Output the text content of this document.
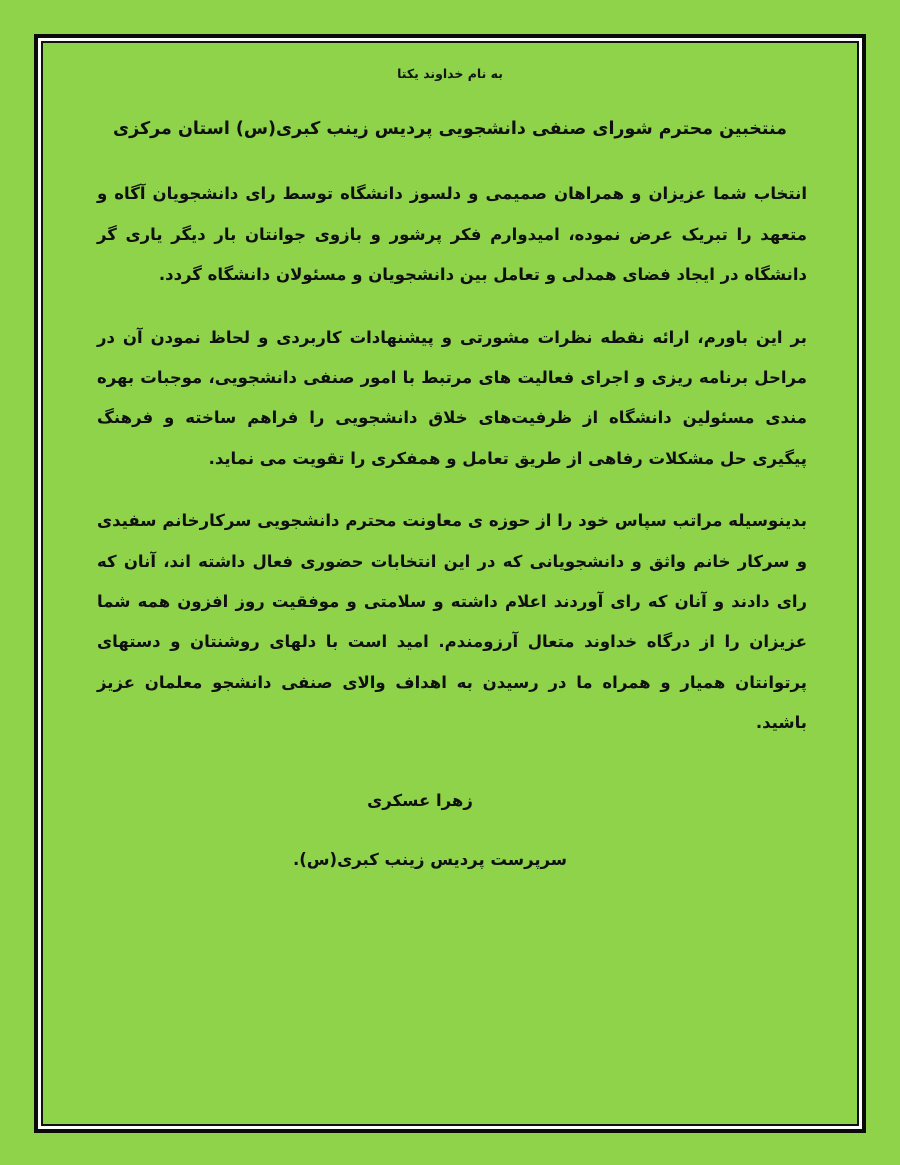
به نام خداوند یکتا
منتخبین محترم شورای صنفی دانشجویی پردیس زینب کبری(س) استان مرکزی

انتخاب شما عزیزان و همراهان صمیمی و دلسوز دانشگاه توسط رای دانشجویان آگاه و متعهد را تبریک عرض نموده، امیدوارم فکر پرشور و بازوی جوانتان بار دیگر یاری گر دانشگاه در ایجاد فضای همدلی و تعامل بین دانشجویان و مسئولان دانشگاه گردد.

بر این باورم، ارائه نقطه نظرات مشورتی و پیشنهادات کاربردی و لحاظ نمودن آن در مراحل برنامه ریزی و اجرای فعالیت های مرتبط با امور صنفی دانشجویی، موجبات بهره مندی مسئولین دانشگاه از ظرفیت‌های خلاق دانشجویی را فراهم ساخته و فرهنگ پیگیری حل مشکلات رفاهی از طریق تعامل و همفکری را تقویت می نماید.

بدینوسیله مراتب سپاس خود را از حوزه ی معاونت محترم دانشجویی سرکارخانم سفیدی و سرکار خانم واثق و دانشجویانی که در این انتخابات حضوری فعال داشته اند، آنان که رای دادند و آنان که رای آوردند اعلام داشته و سلامتی و موفقیت روز افزون همه شما عزیزان را از درگاه خداوند متعال آرزومندم. امید است با دلهای روشنتان و دستهای پرتوانتان همیار و همراه ما در رسیدن به اهداف والای صنفی دانشجو معلمان عزیز باشید.

زهرا عسکری
سرپرست پردیس زینب کبری(س).
